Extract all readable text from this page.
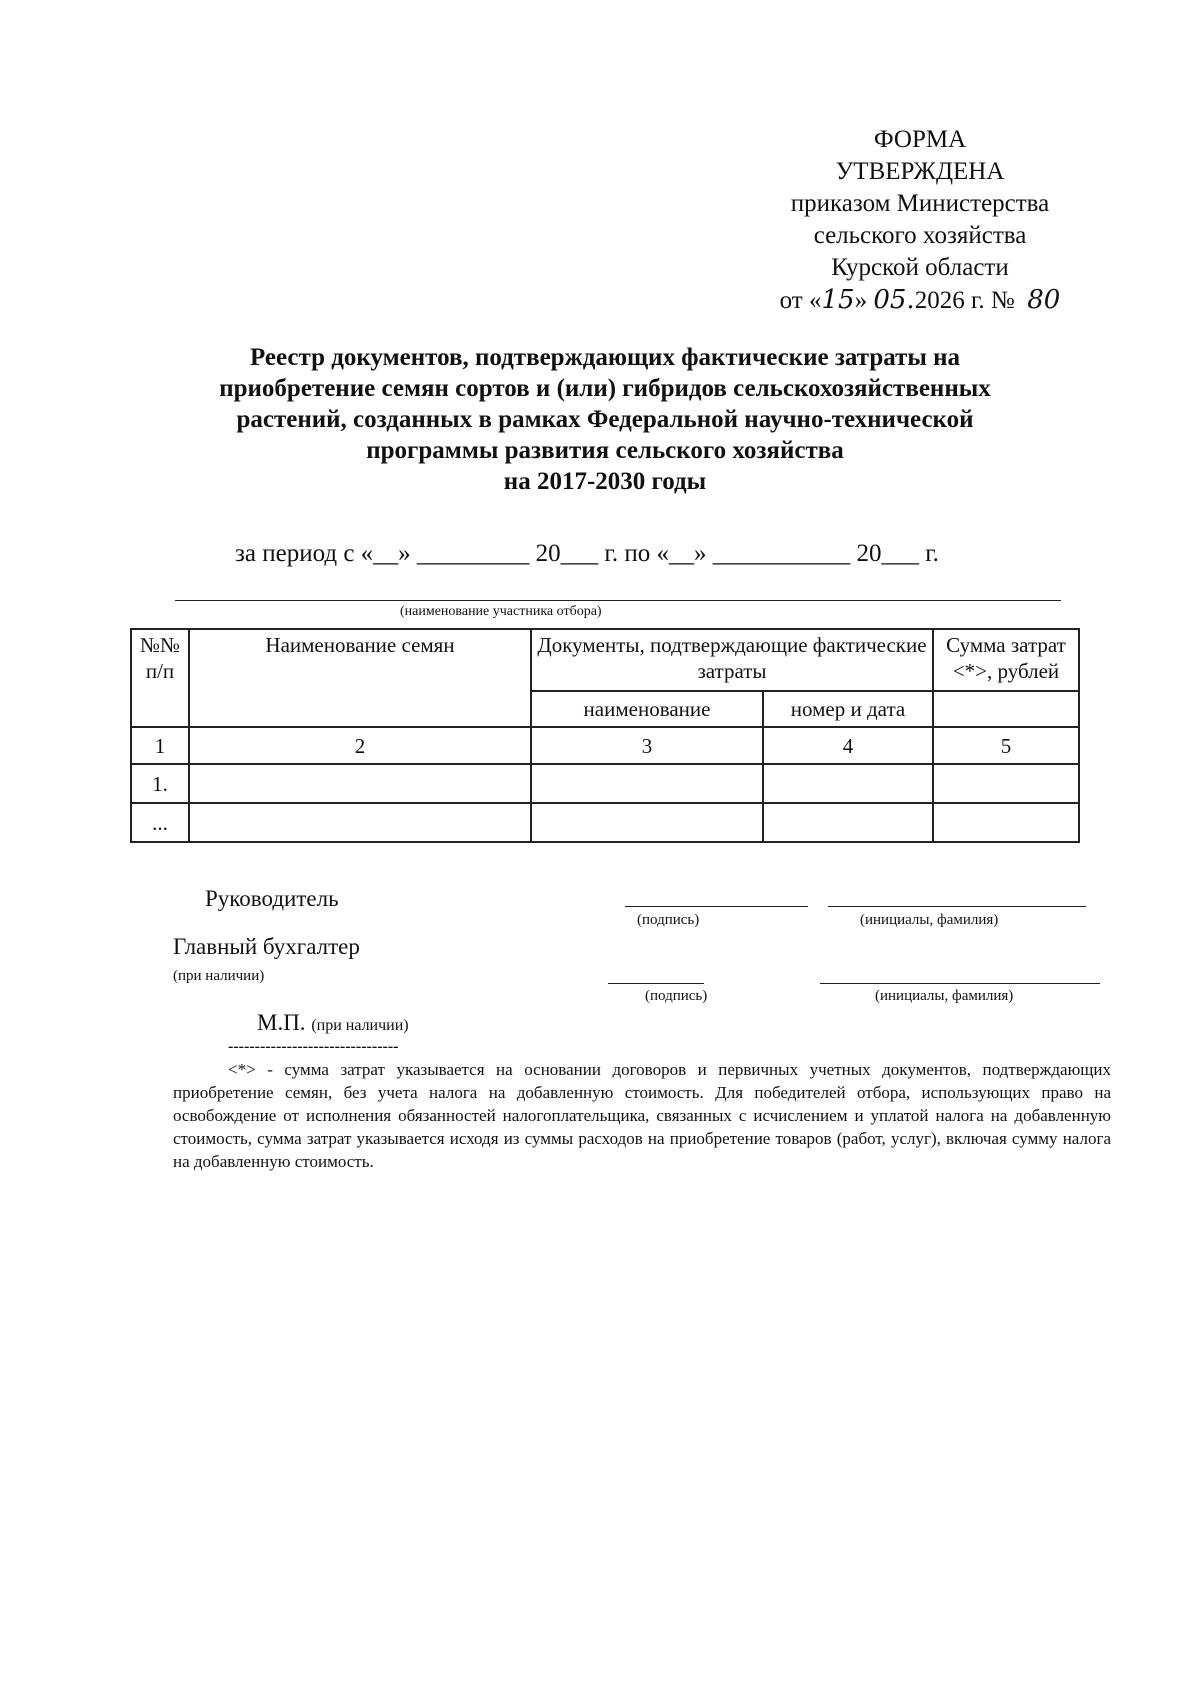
ФОРМА
УТВЕРЖДЕНА
приказом Министерства
сельского хозяйства
Курской области
от «15» 05.2026 г. № 80
Реестр документов, подтверждающих фактические затраты на
приобретение семян сортов и (или) гибридов сельскохозяйственных
растений, созданных в рамках Федеральной научно-технической
программы развития сельского хозяйства
на 2017-2030 годы
за период с «__» _________ 20___ г. по «__» ___________ 20___ г.
(наименование участника отбора)
№№ п/п	Наименование семян	Документы, подтверждающие фактические затраты		Сумма затрат <*>, рублей
		наименование	номер и дата	
1	2	3	4	5
1.				
...				
Руководитель
(подпись)	(инициалы, фамилия)
Главный бухгалтер
(при наличии)
(подпись)	(инициалы, фамилия)
М.П. (при наличии)
--------------------------------
<*> - сумма затрат указывается на основании договоров и первичных учетных документов, подтверждающих приобретение семян, без учета налога на добавленную стоимость. Для победителей отбора, использующих право на освобождение от исполнения обязанностей налогоплательщика, связанных с исчислением и уплатой налога на добавленную стоимость, сумма затрат указывается исходя из суммы расходов на приобретение товаров (работ, услуг), включая сумму налога на добавленную стоимость.
